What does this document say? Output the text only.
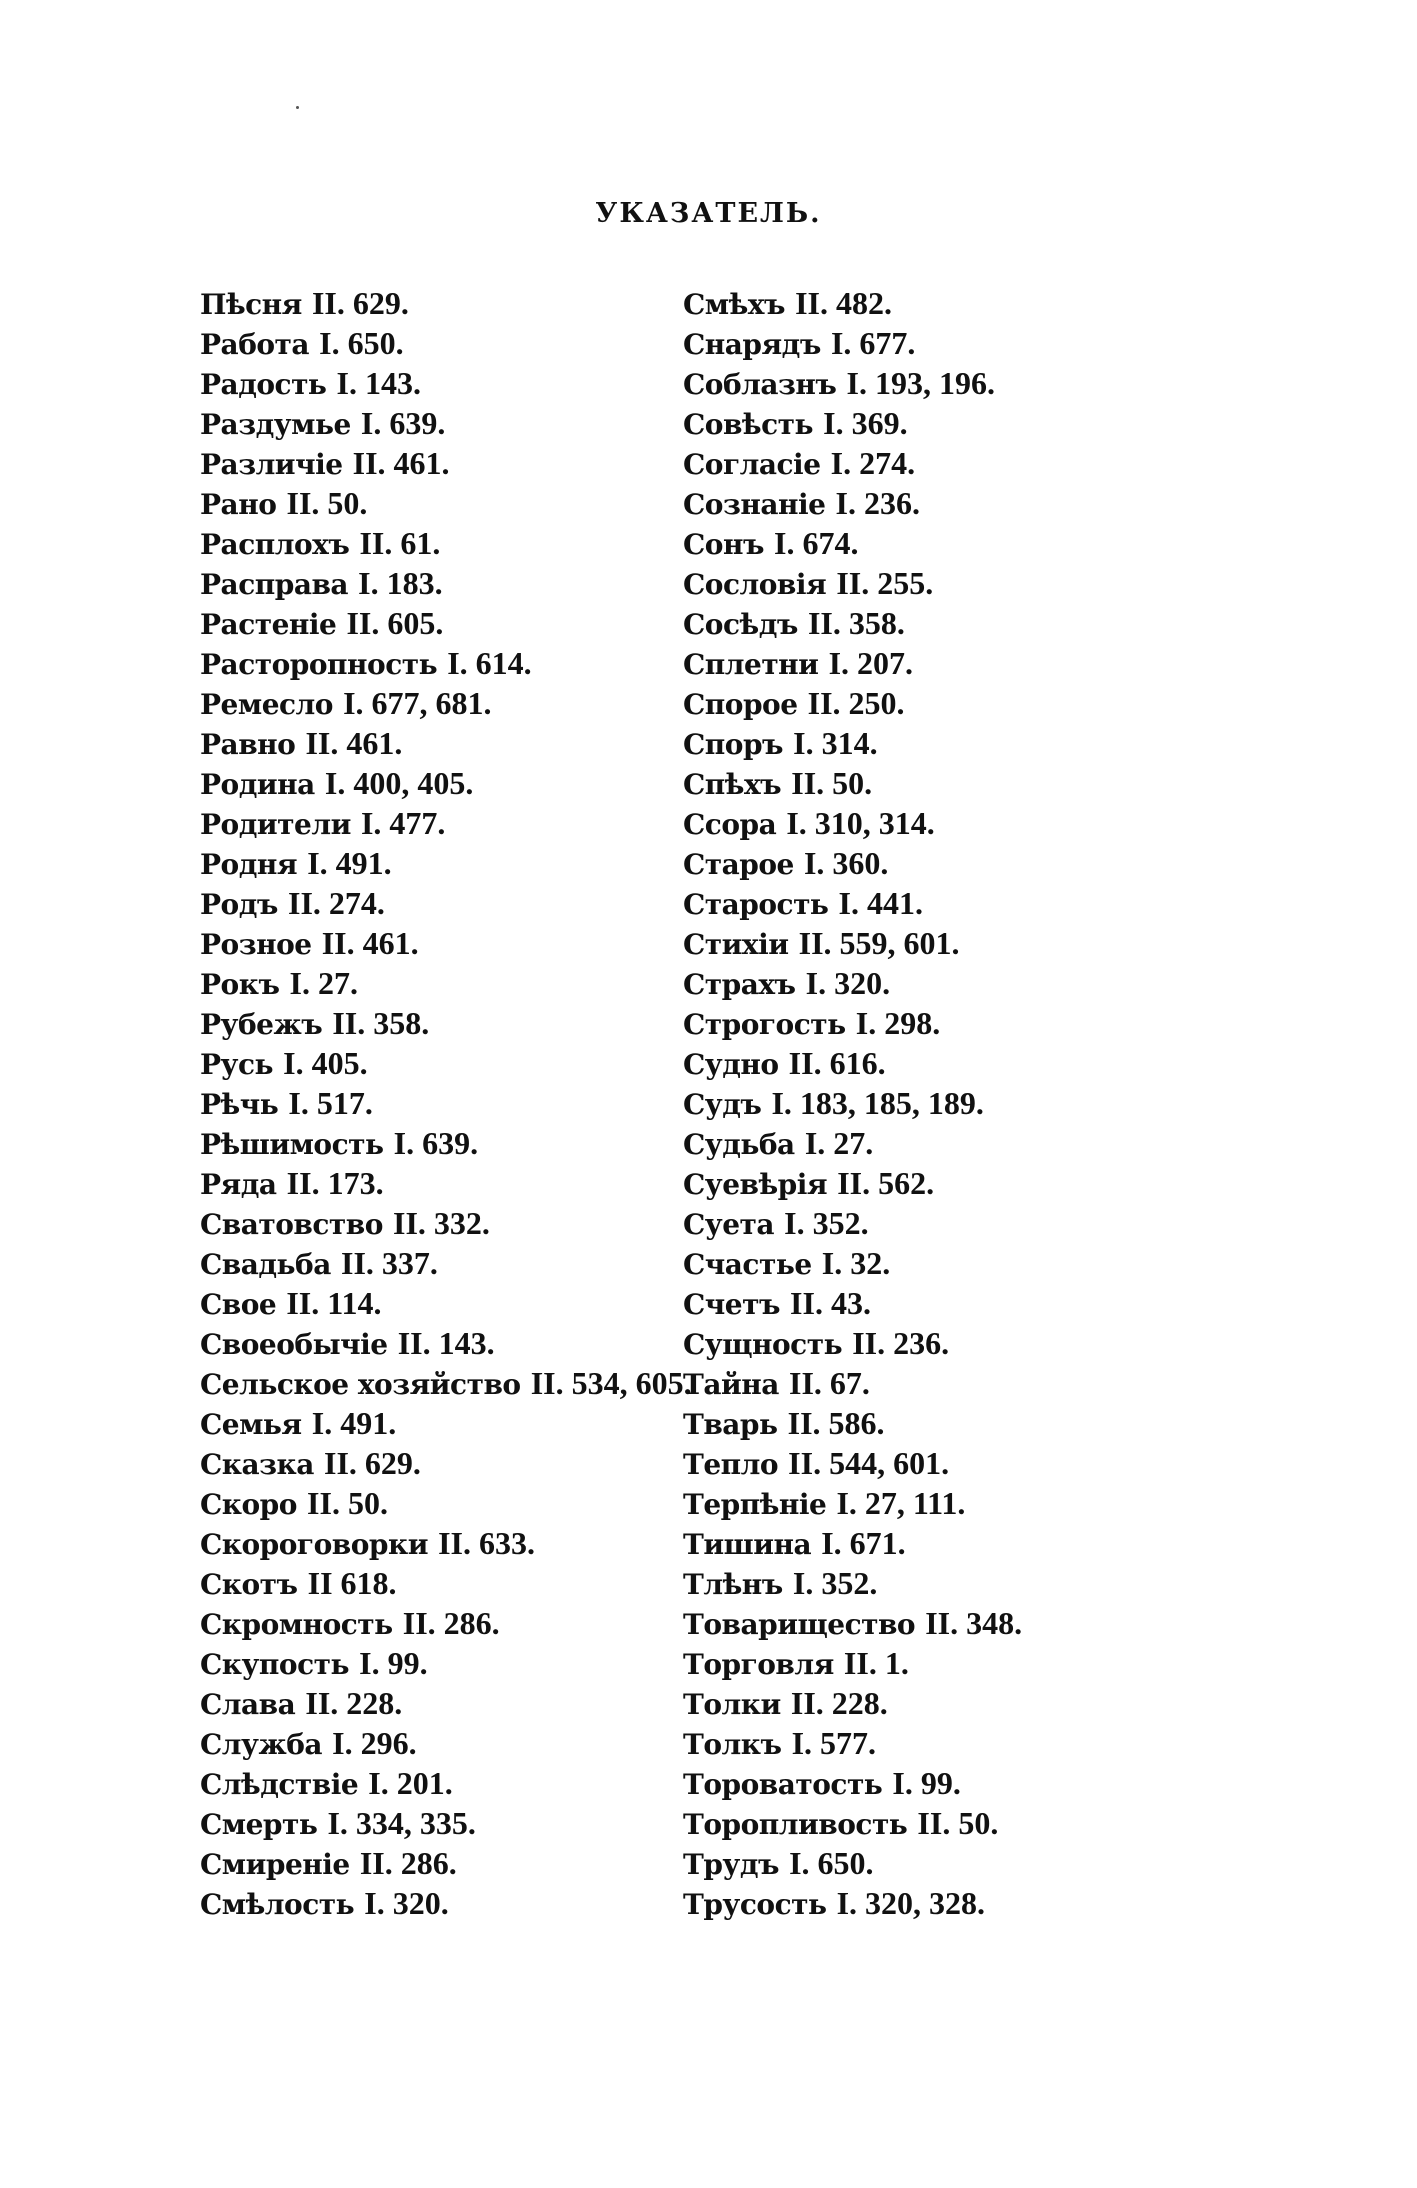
УКАЗАТЕЛЬ.
Пѣсня II. 629.
Работа I. 650.
Радость I. 143.
Раздумье I. 639.
Различіе II. 461.
Рано II. 50.
Расплохъ II. 61.
Расправа I. 183.
Растеніе II. 605.
Расторопность I. 614.
Ремесло I. 677, 681.
Равно II. 461.
Родина I. 400, 405.
Родители I. 477.
Родня I. 491.
Родъ II. 274.
Розное II. 461.
Рокъ I. 27.
Рубежъ II. 358.
Русь I. 405.
Рѣчь I. 517.
Рѣшимость I. 639.
Ряда II. 173.
Сватовство II. 332.
Свадьба II. 337.
Свое II. 114.
Своеобычіе II. 143.
Сельское хозяйство II. 534, 605.
Семья I. 491.
Сказка II. 629.
Скоро II. 50.
Скороговорки II. 633.
Скотъ II 618.
Скромность II. 286.
Скупость I. 99.
Слава II. 228.
Служба I. 296.
Слѣдствіе I. 201.
Смерть I. 334, 335.
Смиреніе II. 286.
Смѣлость I. 320.
Смѣхъ II. 482.
Снарядъ I. 677.
Соблазнъ I. 193, 196.
Совѣсть I. 369.
Согласіе I. 274.
Сознаніе I. 236.
Сонъ I. 674.
Сословія II. 255.
Сосѣдъ II. 358.
Сплетни I. 207.
Спорое II. 250.
Споръ I. 314.
Спѣхъ II. 50.
Ссора I. 310, 314.
Старое I. 360.
Старость I. 441.
Стихіи II. 559, 601.
Страхъ I. 320.
Строгость I. 298.
Судно II. 616.
Судъ I. 183, 185, 189.
Судьба I. 27.
Суевѣрія II. 562.
Суета I. 352.
Счастье I. 32.
Счетъ II. 43.
Сущность II. 236.
Тайна II. 67.
Тварь II. 586.
Тепло II. 544, 601.
Терпѣніе I. 27, 111.
Тишина I. 671.
Тлѣнъ I. 352.
Товарищество II. 348.
Торговля II. 1.
Толки II. 228.
Толкъ I. 577.
Тороватость I. 99.
Торопливость II. 50.
Трудъ I. 650.
Трусость I. 320, 328.
